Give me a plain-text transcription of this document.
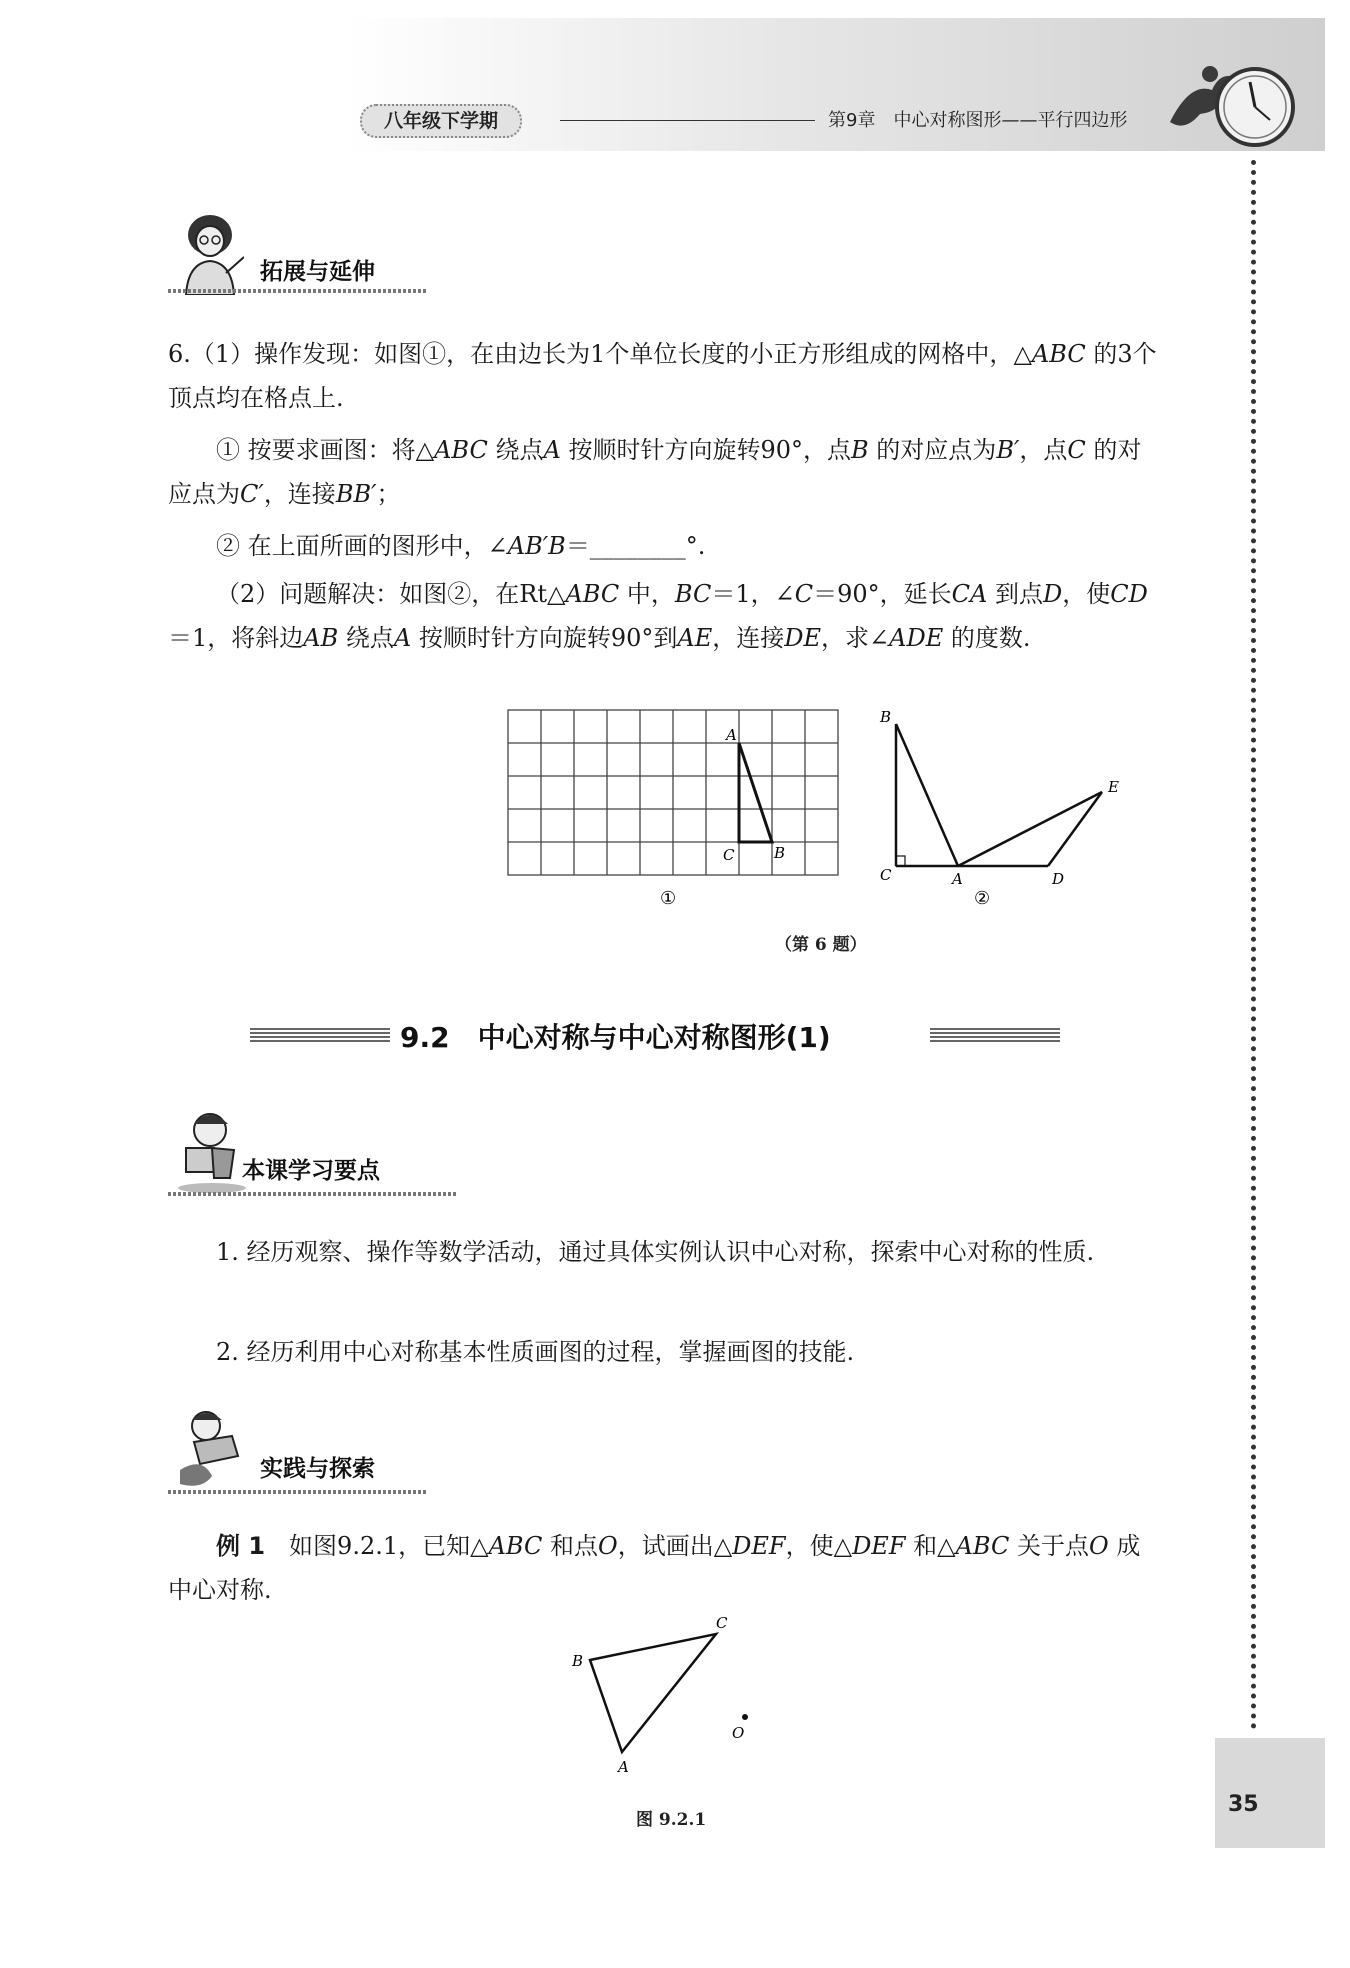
八年级下学期	第9章　中心对称图形——平行四边形
35
拓展与延伸
6.（1）操作发现：如图①，在由边长为1个单位长度的小正方形组成的网格中，△ABC 的3个顶点均在格点上.
① 按要求画图：将△ABC 绕点A 按顺时针方向旋转90°，点B 的对应点为B′，点C 的对应点为C′，连接BB′；
② 在上面所画的图形中，∠AB′B＝________°.
（2）问题解决：如图②，在Rt△ABC 中，BC＝1，∠C＝90°，延长CA 到点D，使CD＝1，将斜边AB 绕点A 按顺时针方向旋转90°到AE，连接DE，求∠ADE 的度数.
A
C	B
①
B
C	A	D
E
②
（第 6 题）
9.2　中心对称与中心对称图形(1)
本课学习要点
1. 经历观察、操作等数学活动，通过具体实例认识中心对称，探索中心对称的性质.
2. 经历利用中心对称基本性质画图的过程，掌握画图的技能.
实践与探索
例 1　如图9.2.1，已知△ABC 和点O，试画出△DEF，使△DEF 和△ABC 关于点O 成中心对称.
B
C
A
O
图 9.2.1
